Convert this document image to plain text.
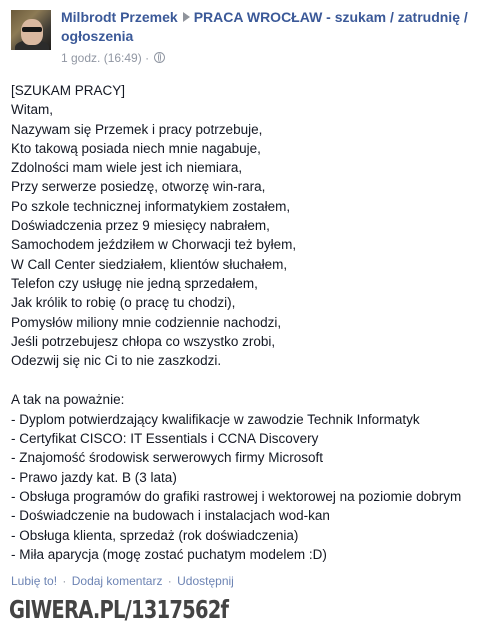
Milbrodt Przemek PRACA WROCŁAW - szukam / zatrudnię / ogłoszenia
1 godz. (16:49) ·
[SZUKAM PRACY]
Witam,
Nazywam się Przemek i pracy potrzebuje,
Kto takową posiada niech mnie nagabuje,
Zdolności mam wiele jest ich niemiara,
Przy serwerze posiedzę, otworzę win-rara,
Po szkole technicznej informatykiem zostałem,
Doświadczenia przez 9 miesięcy nabrałem,
Samochodem jeździłem w Chorwacji też byłem,
W Call Center siedziałem, klientów słuchałem,
Telefon czy usługę nie jedną sprzedałem,
Jak królik to robię (o pracę tu chodzi),
Pomysłów miliony mnie codziennie nachodzi,
Jeśli potrzebujesz chłopa co wszystko zrobi,
Odezwij się nic Ci to nie zaszkodzi.
A tak na poważnie:
- Dyplom potwierdzający kwalifikacje w zawodzie Technik Informatyk
- Certyfikat CISCO: IT Essentials i CCNA Discovery
- Znajomość środowisk serwerowych firmy Microsoft
- Prawo jazdy kat. B (3 lata)
- Obsługa programów do grafiki rastrowej i wektorowej na poziomie dobrym
- Doświadczenie na budowach i instalacjach wod-kan
- Obsługa klienta, sprzedaż (rok doświadczenia)
- Miła aparycja (mogę zostać puchatym modelem :D)
Lubię to! · Dodaj komentarz · Udostępnij
GIWERA.PL/1317562f
